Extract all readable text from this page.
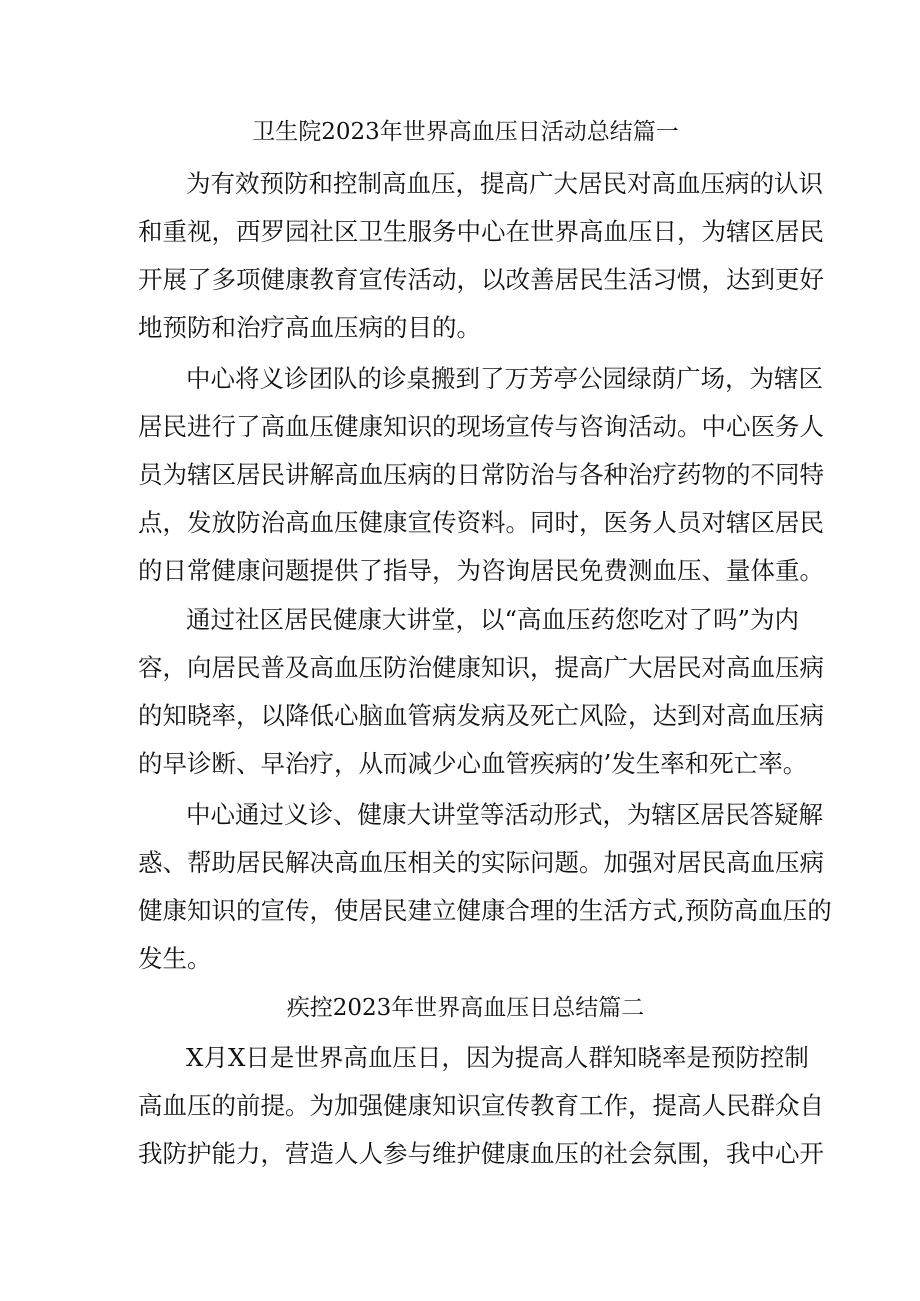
卫生院2023年世界高血压日活动总结篇一

为有效预防和控制高血压，提高广大居民对高血压病的认识

和重视，西罗园社区卫生服务中心在世界高血压日，为辖区居民

开展了多项健康教育宣传活动，以改善居民生活习惯，达到更好

地预防和治疗高血压病的目的。

中心将义诊团队的诊桌搬到了万芳亭公园绿荫广场，为辖区

居民进行了高血压健康知识的现场宣传与咨询活动。中心医务人

员为辖区居民讲解高血压病的日常防治与各种治疗药物的不同特

点，发放防治高血压健康宣传资料。同时，医务人员对辖区居民

的日常健康问题提供了指导，为咨询居民免费测血压、量体重。

通过社区居民健康大讲堂，以“高血压药您吃对了吗”为内

容，向居民普及高血压防治健康知识，提高广大居民对高血压病

的知晓率，以降低心脑血管病发病及死亡风险，达到对高血压病

的早诊断、早治疗，从而减少心血管疾病的’发生率和死亡率。

中心通过义诊、健康大讲堂等活动形式，为辖区居民答疑解

惑、帮助居民解决高血压相关的实际问题。加强对居民高血压病

健康知识的宣传，使居民建立健康合理的生活方式,预防高血压的

发生。

疾控2023年世界高血压日总结篇二

X月X日是世界高血压日，因为提高人群知晓率是预防控制

高血压的前提。为加强健康知识宣传教育工作，提高人民群众自

我防护能力，营造人人参与维护健康血压的社会氛围，我中心开
